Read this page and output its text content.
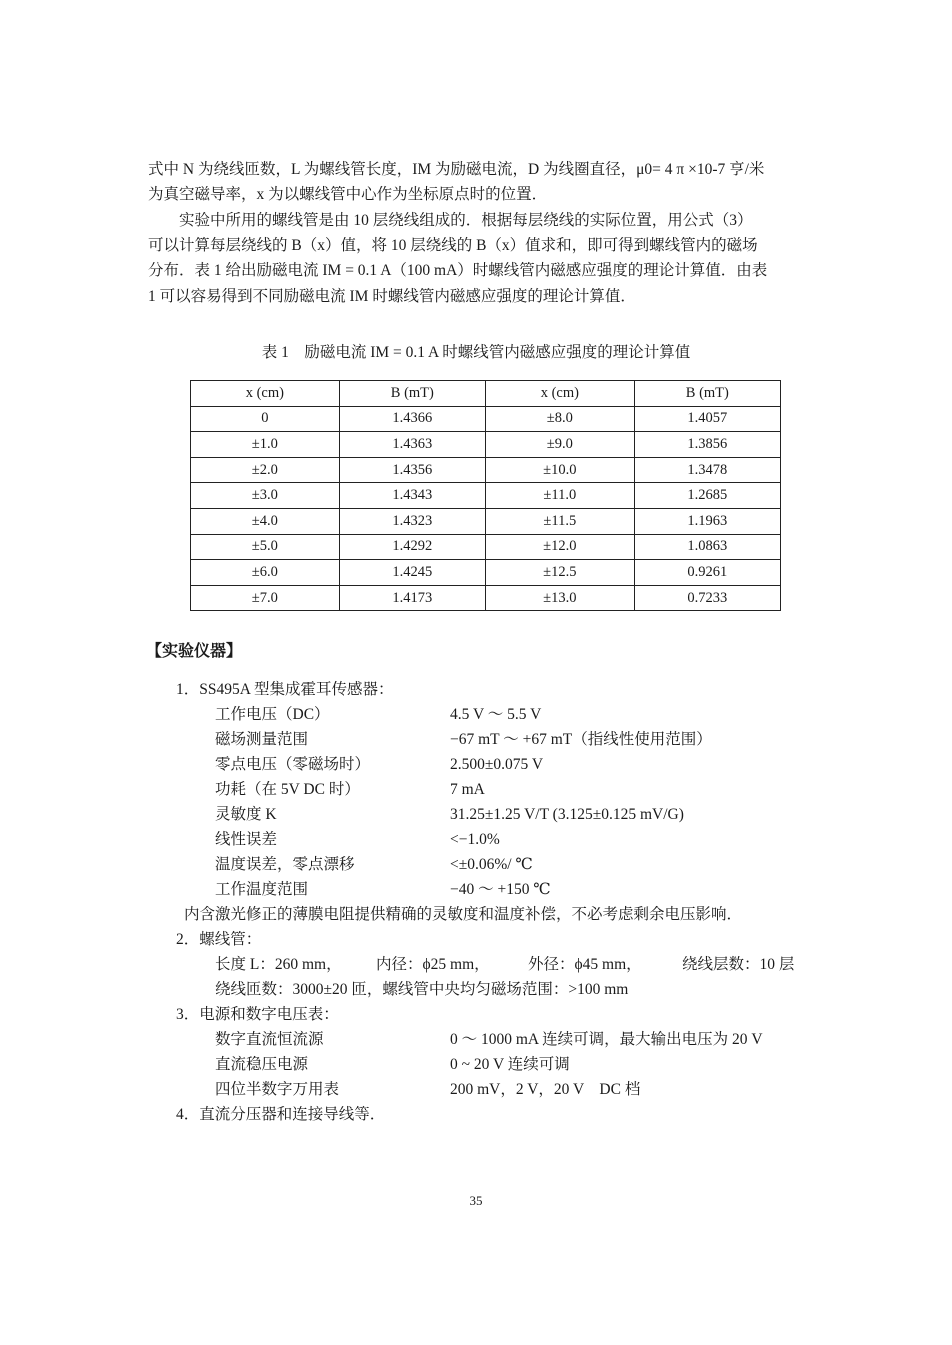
式中 N 为绕线匝数，L 为螺线管长度，IM 为励磁电流，D 为线圈直径，μ0= 4 π ×10-7 亨/米
为真空磁导率，x 为以螺线管中心作为坐标原点时的位置．
实验中所用的螺线管是由 10 层绕线组成的．根据每层绕线的实际位置，用公式（3）
可以计算每层绕线的 B（x）值，将 10 层绕线的 B（x）值求和，即可得到螺线管内的磁场
分布．表 1 给出励磁电流 IM = 0.1 A（100 mA）时螺线管内磁感应强度的理论计算值．由表
1 可以容易得到不同励磁电流 IM 时螺线管内磁感应强度的理论计算值．
表 1　励磁电流 IM = 0.1 A 时螺线管内磁感应强度的理论计算值
x (cm)	B (mT)	x (cm)	B (mT)
0	1.4366	±8.0	1.4057
±1.0	1.4363	±9.0	1.3856
±2.0	1.4356	±10.0	1.3478
±3.0	1.4343	±11.0	1.2685
±4.0	1.4323	±11.5	1.1963
±5.0	1.4292	±12.0	1.0863
±6.0	1.4245	±12.5	0.9261
±7.0	1.4173	±13.0	0.7233
【实验仪器】
1．SS495A 型集成霍耳传感器：
工作电压（DC）	4.5 V ～ 5.5 V
磁场测量范围	−67 mT ～ +67 mT（指线性使用范围）
零点电压（零磁场时）	2.500±0.075 V
功耗（在 5V DC 时）	7 mA
灵敏度 K	31.25±1.25 V/T (3.125±0.125 mV/G)
线性误差	<−1.0%
温度误差，零点漂移	<±0.06%/ ℃
工作温度范围	−40 ～ +150 ℃
内含激光修正的薄膜电阻提供精确的灵敏度和温度补偿，不必考虑剩余电压影响．
2．螺线管：
长度 L：260 mm， 内径：ϕ25 mm， 外径：ϕ45 mm，	绕线层数：10 层
绕线匝数：3000±20 匝，螺线管中央均匀磁场范围：>100 mm
3．电源和数字电压表：
数字直流恒流源	0 ～ 1000 mA 连续可调，最大输出电压为 20 V
直流稳压电源	0 ~ 20 V 连续可调
四位半数字万用表	200 mV，2 V，20 V　DC 档
4．直流分压器和连接导线等．
35
